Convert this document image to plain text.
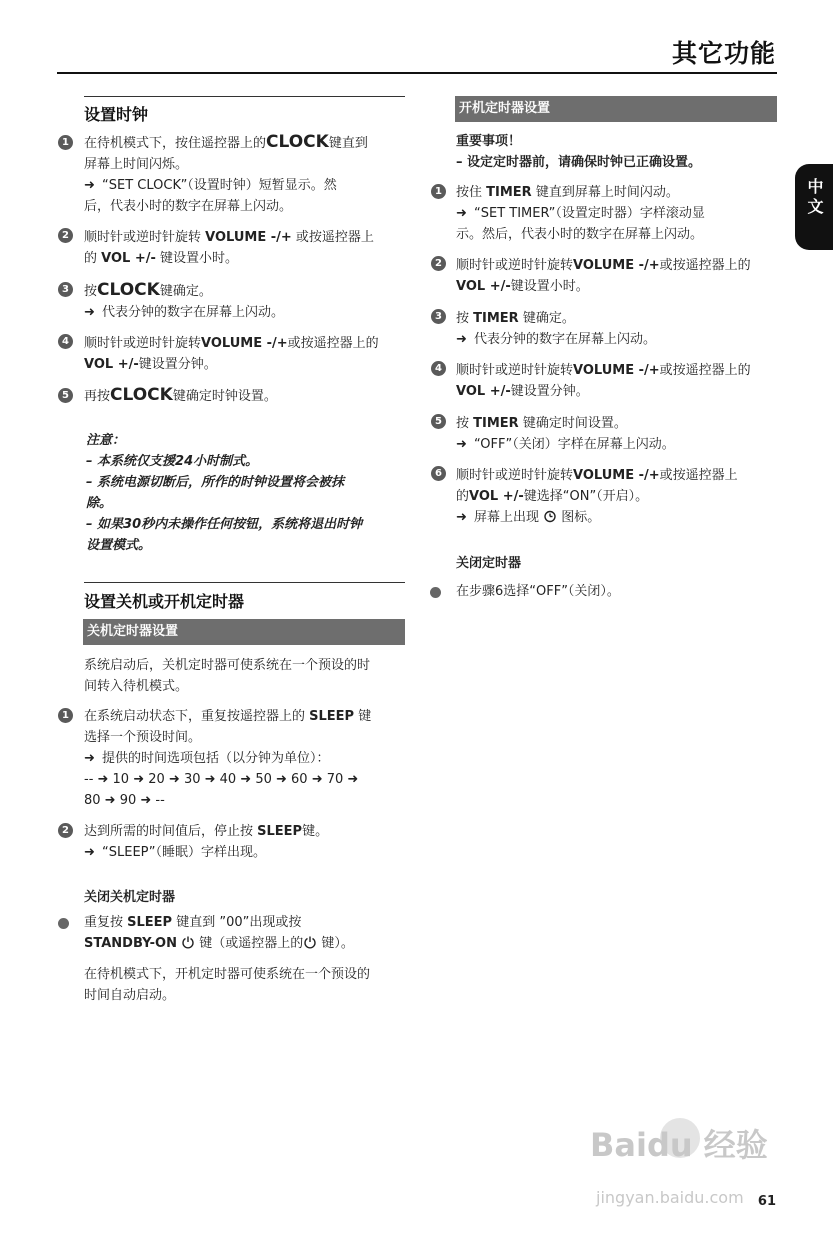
其它功能
中文
设置时钟
1	在待机模式下，按住遥控器上的CLOCK键直到
屏幕上时间闪烁。
➜ “SET CLOCK”（设置时钟）短暂显示。然
后，代表小时的数字在屏幕上闪动。
2	顺时针或逆时针旋转 VOLUME -/+ 或按遥控器上
的 VOL +/- 键设置小时。
3	按CLOCK键确定。
➜ 代表分钟的数字在屏幕上闪动。
4	顺时针或逆时针旋转VOLUME -/+或按遥控器上的
VOL +/-键设置分钟。
5	再按CLOCK键确定时钟设置。
注意：
– 本系统仅支援24小时制式。
– 系统电源切断后，所作的时钟设置将会被抹
除。
– 如果30秒内未操作任何按钮，系统将退出时钟
设置模式。
设置关机或开机定时器
关机定时器设置
系统启动后，关机定时器可使系统在一个预设的时
间转入待机模式。
1	在系统启动状态下，重复按遥控器上的 SLEEP 键
选择一个预设时间。
➜ 提供的时间选项包括（以分钟为单位）：
-- ➜ 10 ➜ 20 ➜ 30 ➜ 40 ➜ 50 ➜ 60 ➜ 70 ➜
80 ➜ 90 ➜ --
2	达到所需的时间值后，停止按 SLEEP键。
➜ “SLEEP”（睡眠）字样出现。
关闭关机定时器
重复按 SLEEP 键直到 ”00”出现或按
STANDBY-ON  键（或遥控器上的 键）。
在待机模式下，开机定时器可使系统在一个预设的
时间自动启动。
开机定时器设置
重要事项！
– 设定定时器前，请确保时钟已正确设置。
1	按住 TIMER 键直到屏幕上时间闪动。
➜ “SET TIMER”（设置定时器）字样滚动显
示。然后，代表小时的数字在屏幕上闪动。
2	顺时针或逆时针旋转VOLUME -/+或按遥控器上的
VOL +/-键设置小时。
3	按 TIMER 键确定。
➜ 代表分钟的数字在屏幕上闪动。
4	顺时针或逆时针旋转VOLUME -/+或按遥控器上的
VOL +/-键设置分钟。
5	按 TIMER 键确定时间设置。
➜ “OFF”（关闭）字样在屏幕上闪动。
6	顺时针或逆时针旋转VOLUME -/+或按遥控器上
的VOL +/-键选择“ON”（开启）。
➜ 屏幕上出现  图标。
关闭定时器
在步骤6选择“OFF”（关闭）。
Baidu 经验
jingyan.baidu.com 61
